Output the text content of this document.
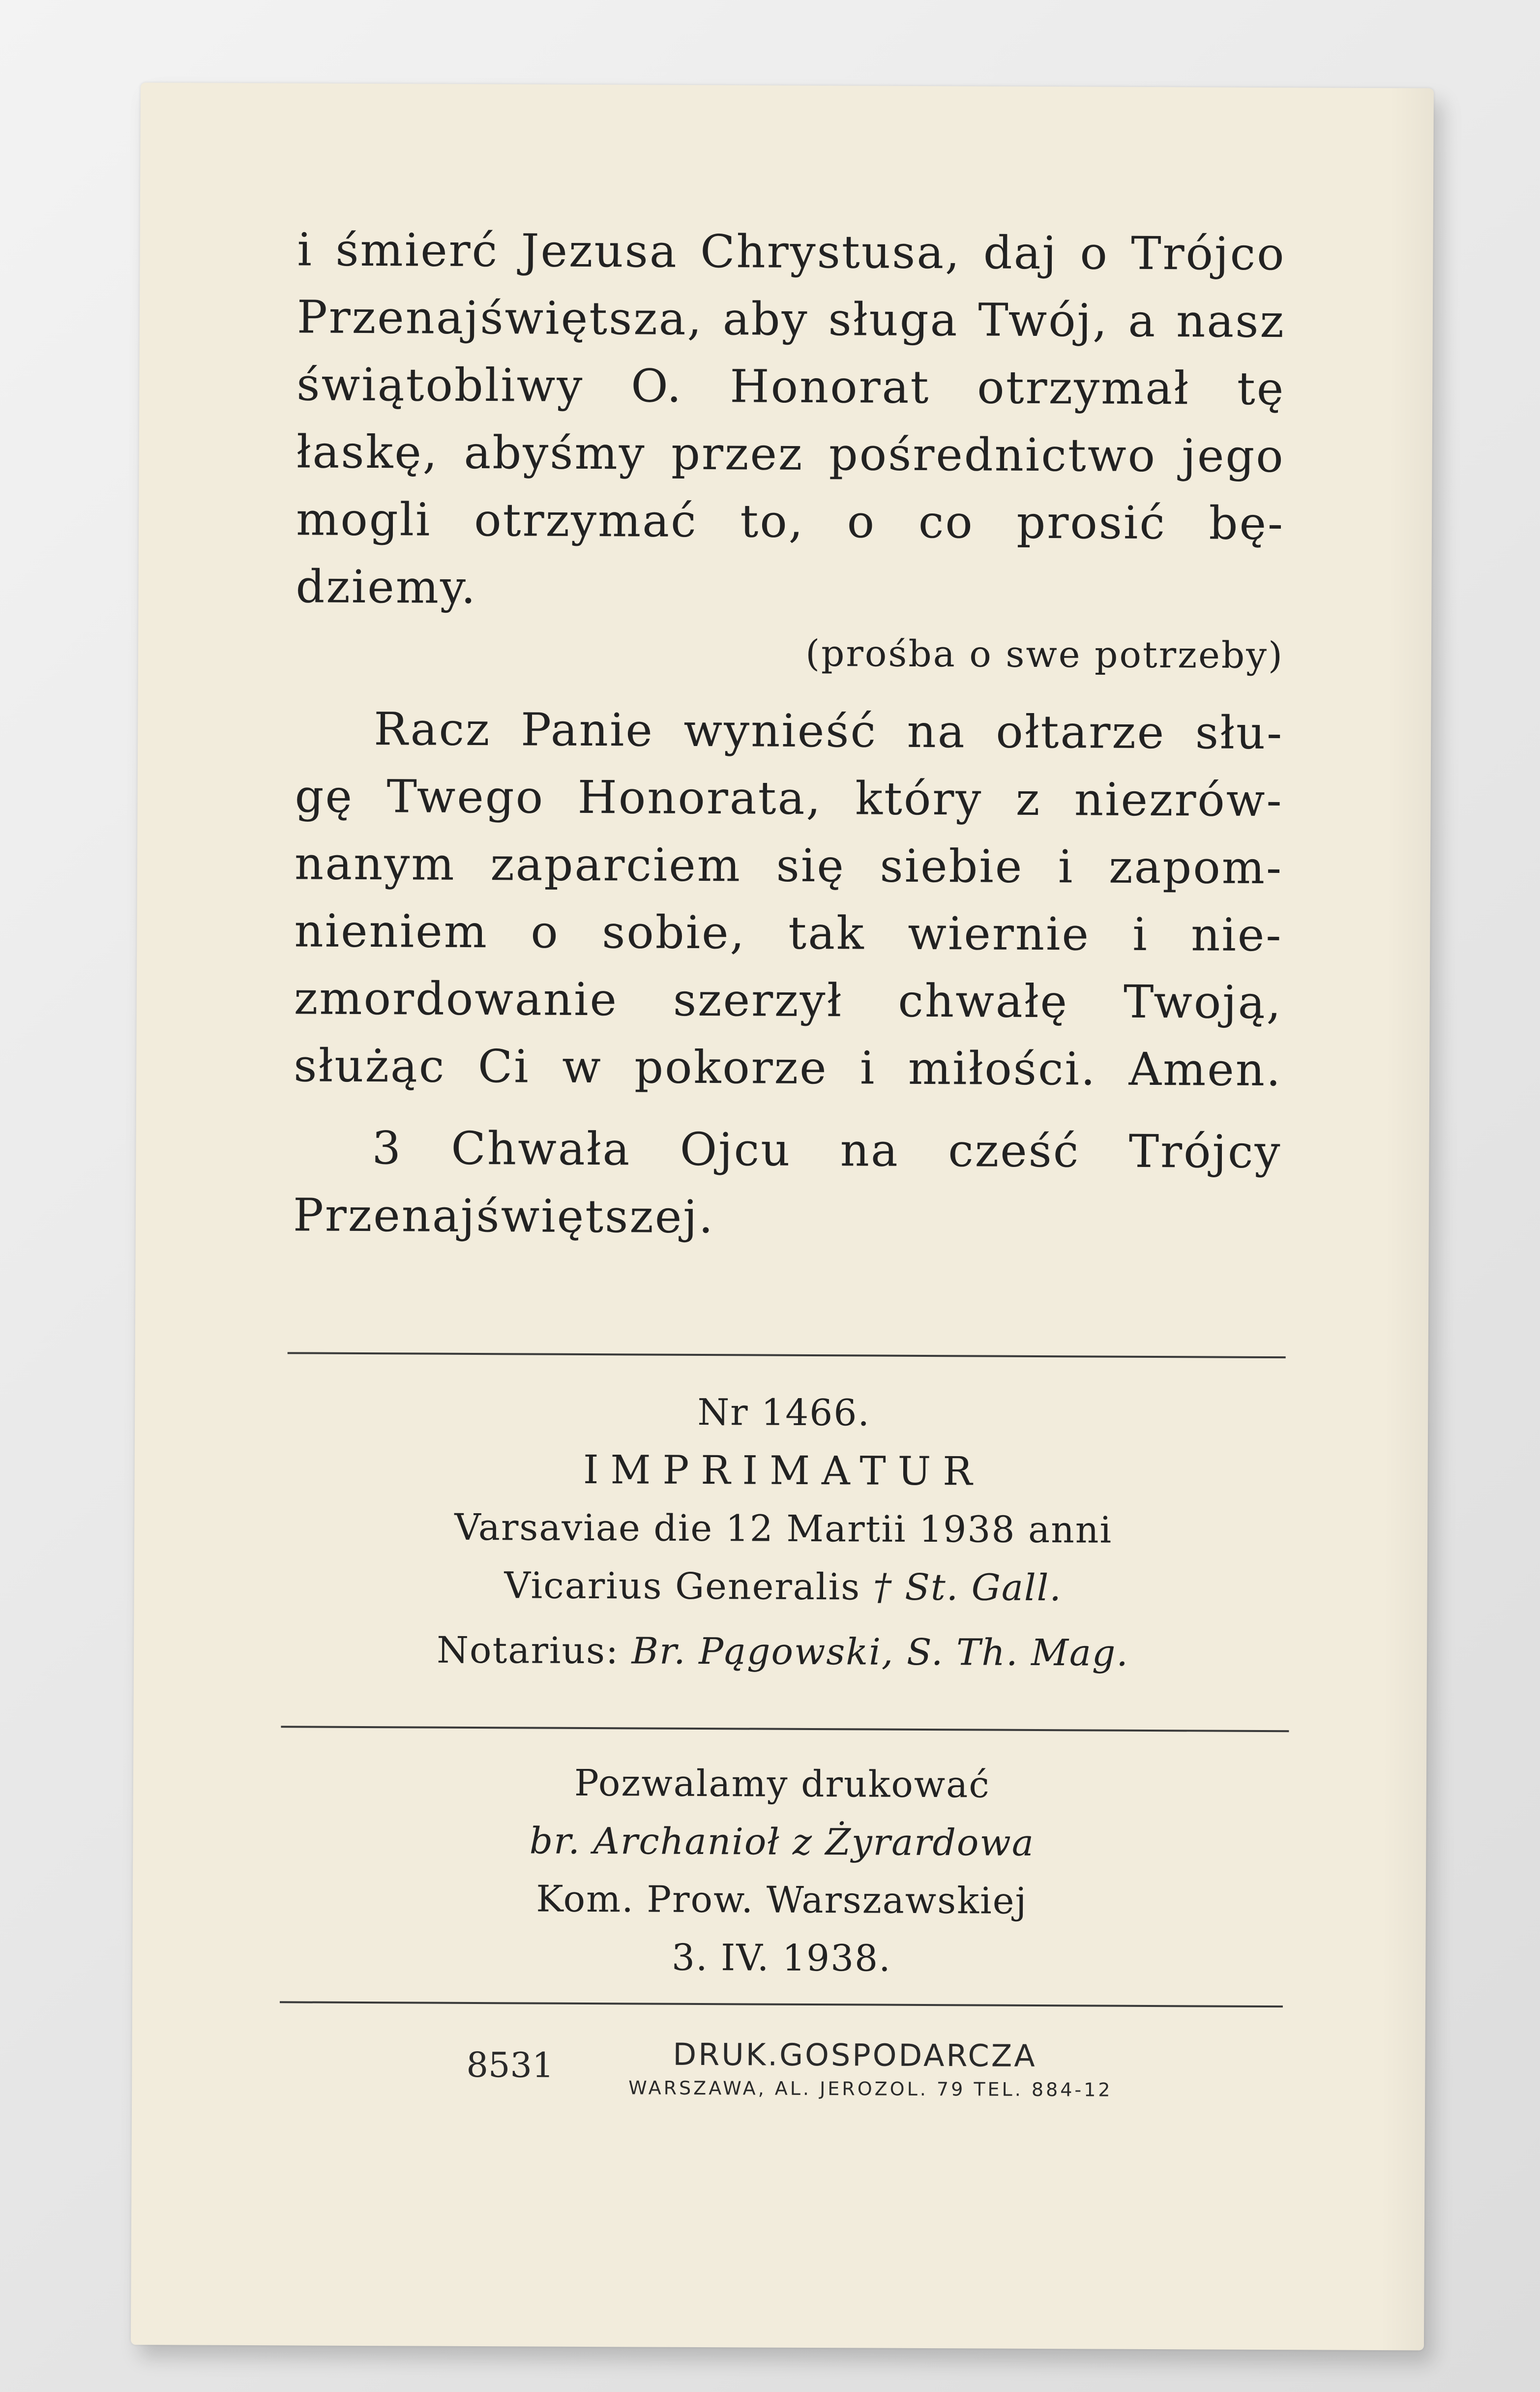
i śmierć Jezusa Chrystusa, daj o Trójco
Przenajświętsza, aby sługa Twój, a nasz
świątobliwy O. Honorat otrzymał tę
łaskę, abyśmy przez pośrednictwo jego
mogli otrzymać to, o co prosić bę-
dziemy.
(prośba o swe potrzeby)
Racz Panie wynieść na ołtarze słu-
gę Twego Honorata, który z niezrów-
nanym zaparciem się siebie i zapom-
nieniem o sobie, tak wiernie i nie-
zmordowanie szerzył chwałę Twoją,
służąc Ci w pokorze i miłości. Amen.
3 Chwała Ojcu na cześć Trójcy
Przenajświętszej.
Nr 1466.
IMPRIMATUR
Varsaviae die 12 Martii 1938 anni
Vicarius Generalis † St. Gall.
Notarius: Br. Pągowski, S. Th. Mag.
Pozwalamy drukować
br. Archanioł z Żyrardowa
Kom. Prow. Warszawskiej
3. IV. 1938.
8531	DRUK.GOSPODARCZA
WARSZAWA, AL. JEROZOL. 79 TEL. 884-12
